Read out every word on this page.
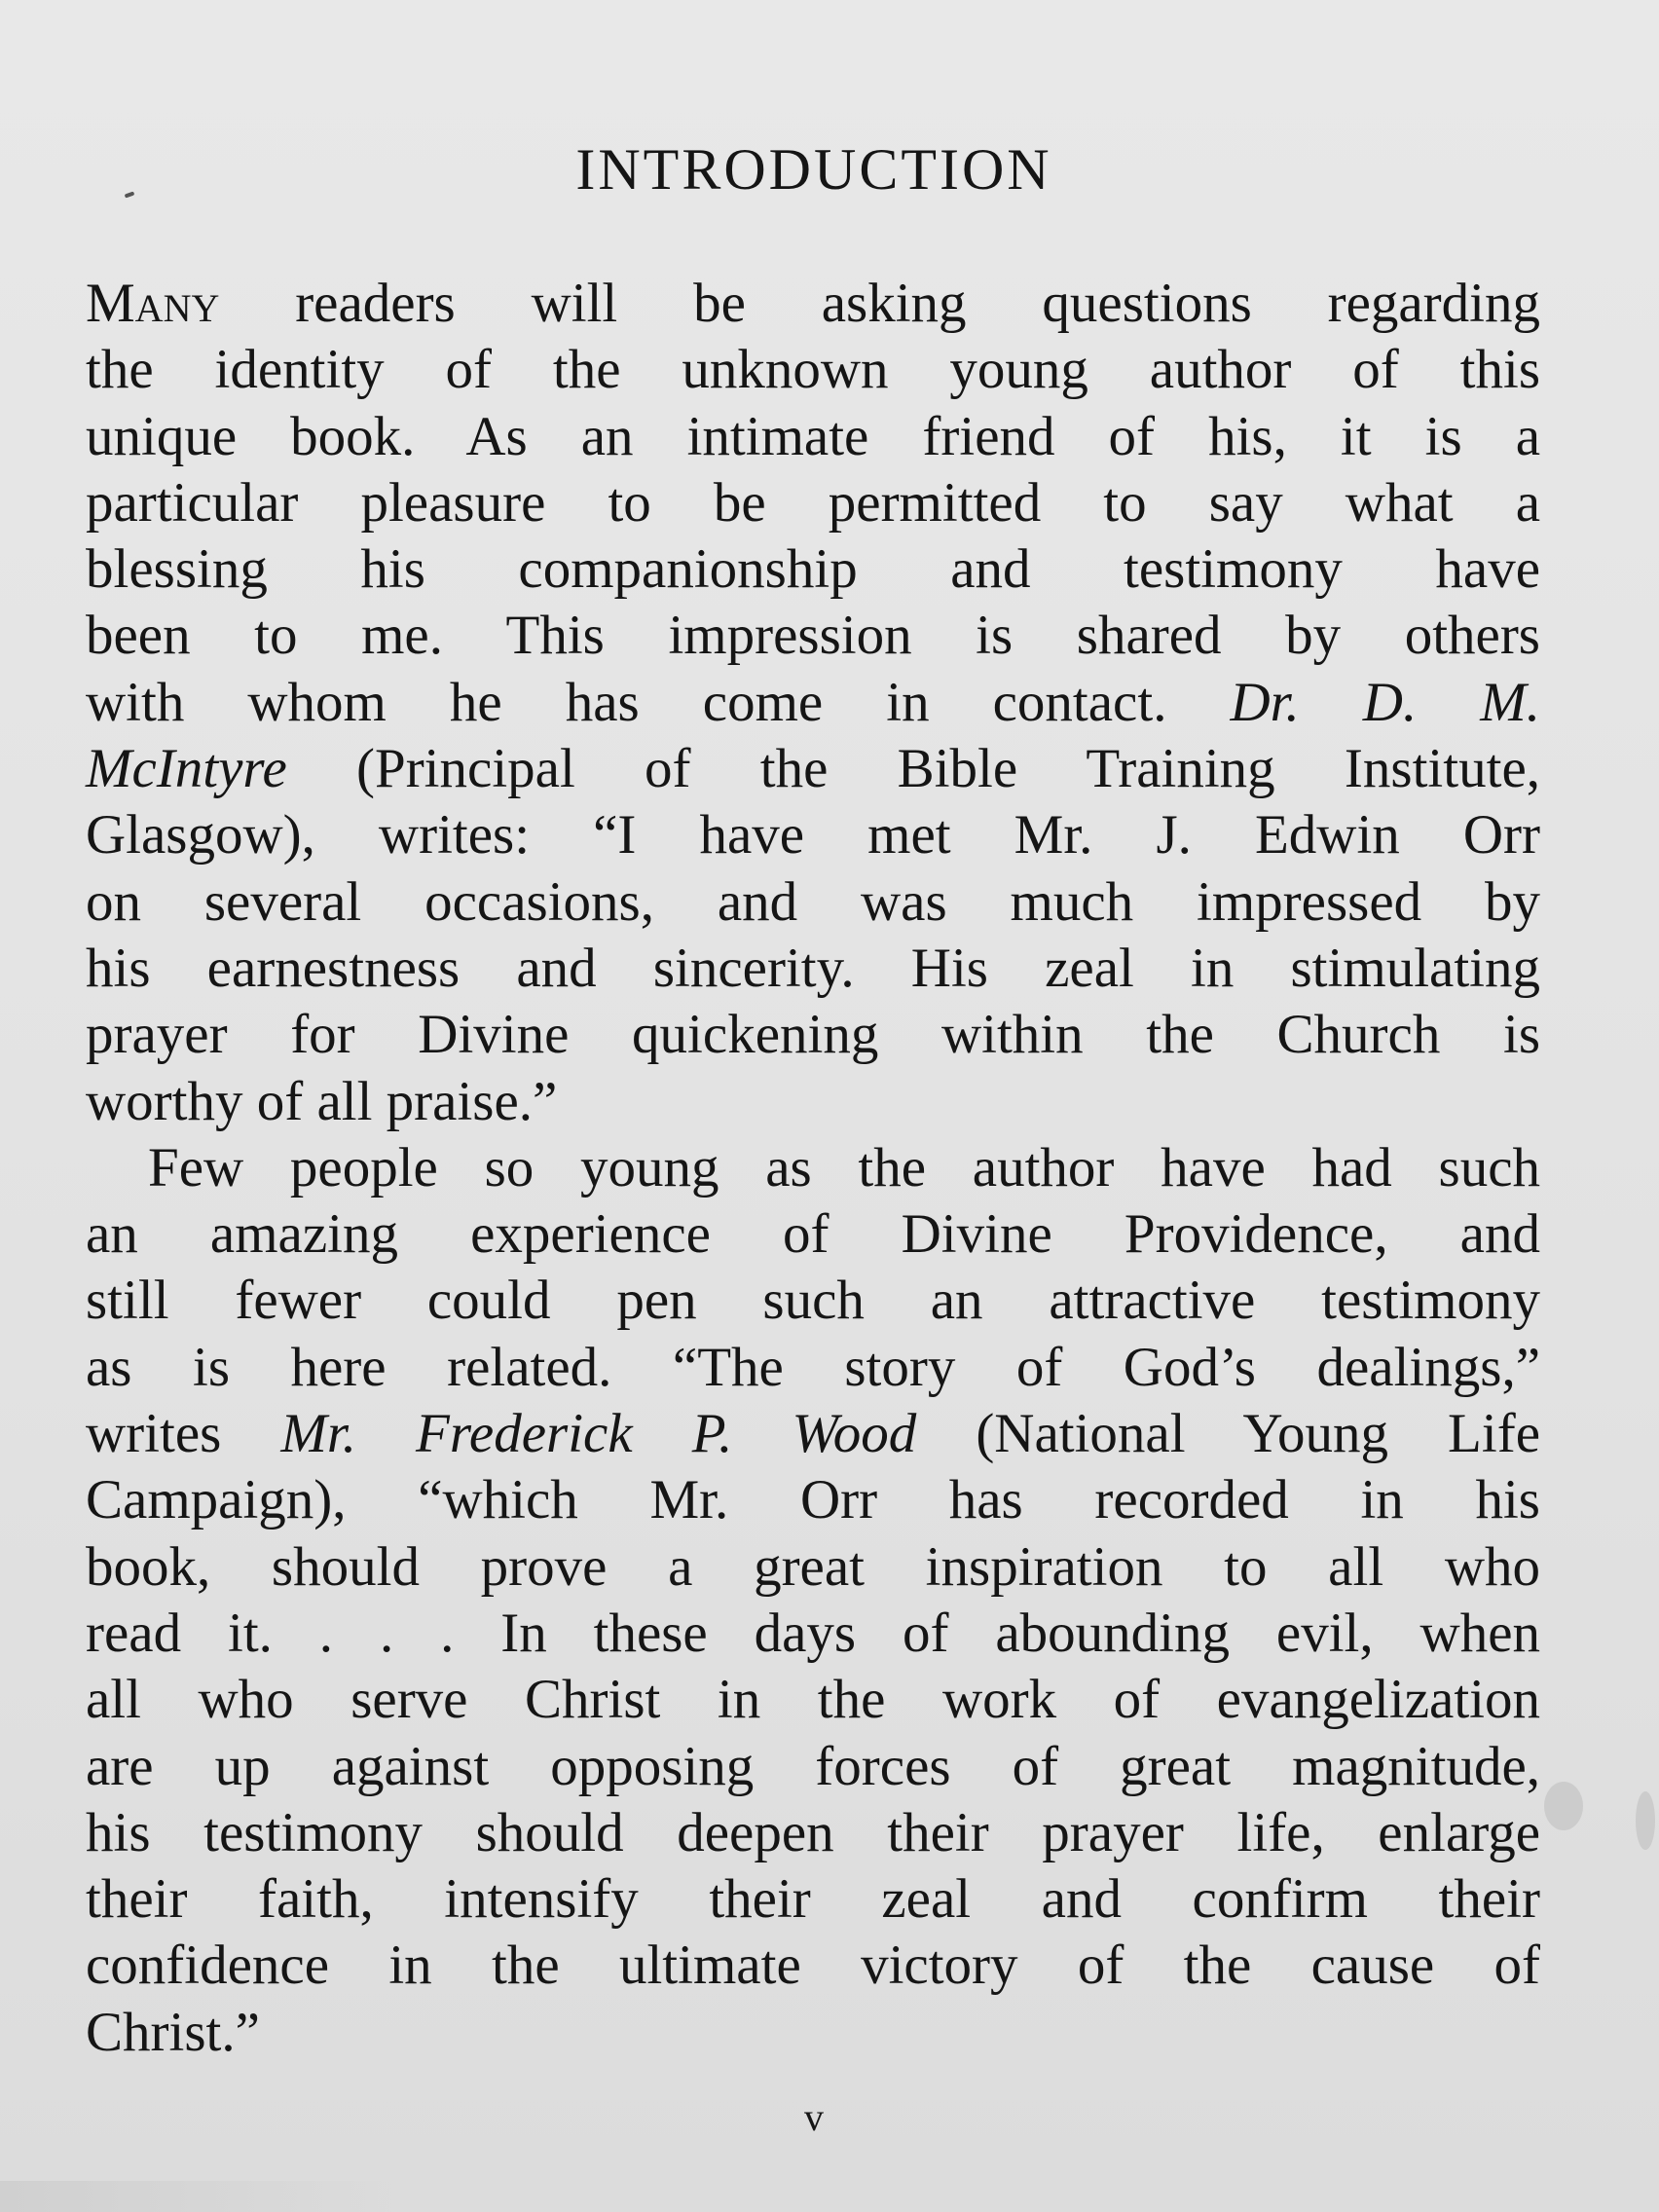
INTRODUCTION
Many readers will be asking questions regarding
the identity of the unknown young author of this
unique book. As an intimate friend of his, it is a
particular pleasure to be permitted to say what a
blessing his companionship and testimony have
been to me. This impression is shared by others
with whom he has come in contact. Dr. D. M.
McIntyre (Principal of the Bible Training Institute,
Glasgow), writes: “I have met Mr. J. Edwin Orr
on several occasions, and was much impressed by
his earnestness and sincerity. His zeal in stimulating
prayer for Divine quickening within the Church is
worthy of all praise.”
Few people so young as the author have had such
an amazing experience of Divine Providence, and
still fewer could pen such an attractive testimony
as is here related. “The story of God’s dealings,”
writes Mr. Frederick P. Wood (National Young Life
Campaign), “which Mr. Orr has recorded in his
book, should prove a great inspiration to all who
read it. . . . In these days of abounding evil, when
all who serve Christ in the work of evangelization
are up against opposing forces of great magnitude,
his testimony should deepen their prayer life, enlarge
their faith, intensify their zeal and confirm their
confidence in the ultimate victory of the cause of
Christ.”
v
